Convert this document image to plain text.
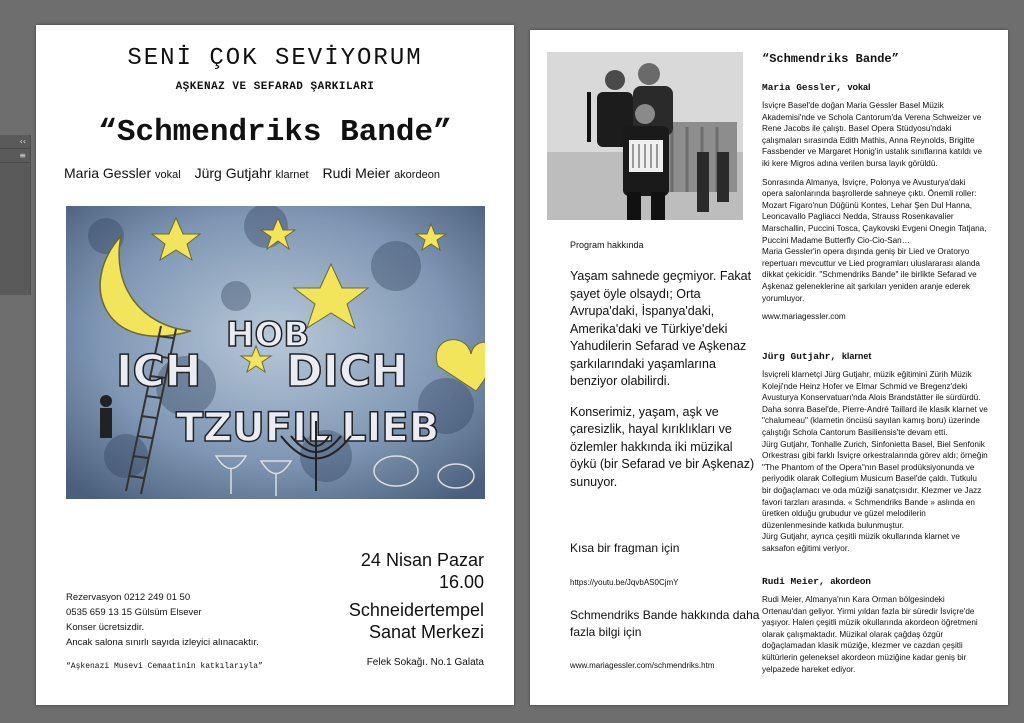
‹‹
≡
SENİ ÇOK SEVİYORUM
AŞKENAZ VE SEFARAD ŞARKILARI
“Schmendriks Bande”
Maria Gessler vokal Jürg Gutjahr klarnet Rudi Meier akordeon
ICH
HOB
DICH
TZUFIL LIEB
24 Nisan Pazar
16.00
Schneidertempel
Sanat Merkezi
Felek Sokağı. No.1 Galata
Rezervasyon 0212 249 01 50
0535 659 13 15 Gülsüm Elsever
Konser ücretsizdir.
Ancak salona sınırlı sayıda izleyici alınacaktır.
“Aşkenazi Musevi Cemaatinin katkılarıyla”
Program hakkında

Yaşam sahnede geçmiyor. Fakat şayet öyle olsaydı; Orta Avrupa'daki, İspanya'daki, Amerika'daki ve Türkiye'deki Yahudilerin Sefarad ve Aşkenaz şarkılarındaki yaşamlarına benziyor olabilirdi.

Konserimiz, yaşam, aşk ve çaresizlik, hayal kırıklıkları ve özlemler hakkında iki müzikal öykü (bir Sefarad ve bir Aşkenaz) sunuyor.

Kısa bir fragman için
https://youtu.be/JqvbAS0CjmY
Schmendriks Bande hakkında daha fazla bilgi için
www.mariagessler.com/schmendriks.htm
“Schmendriks Bande”
Maria Gessler, vokal

İsviçre Basel'de doğan Maria Gessler Basel Müzik Akademisi'nde ve Schola Cantorum'da Verena Schweizer ve Rene Jacobs ile çalıştı. Basel Opera Stüdyosu'ndaki çalışmaları sırasında Edith Mathis, Anna Reynolds, Brigitte Fassbender ve Margaret Honig'in ustalık sınıflarına katıldı ve iki kere Migros adına verilen bursa layık görüldü.

Sonrasında Almanya, İsviçre, Polonya ve Avusturya'daki opera salonlarında başrollerde sahneye çıktı. Önemli roller: Mozart Figaro'nun Düğünü Kontes, Lehar Şen Dul Hanna, Leoncavallo Pagliacci Nedda, Strauss Rosenkavalier Marschallin, Puccini Tosca, Çaykovski Evgeni Onegin Tatjana, Puccini Madame Butterfly Cio-Cio-San…

Maria Gessler'in opera dışında geniş bir Lied ve Oratoryo repertuarı mevcuttur ve Lied programları uluslararası alanda dikkat çekicidir. "Schmendriks Bande" ile birlikte Sefarad ve Aşkenaz geleneklerine ait şarkıları yeniden aranje ederek yorumluyor.

www.mariagessler.com

Jürg Gutjahr, klarnet

İsviçreli klarnetçi Jürg Gutjahr, müzik eğitimini Zürih Müzik Koleji'nde Heinz Hofer ve Elmar Schmid ve Bregenz'deki Avusturya Konservatuarı'nda Alois Brandstätter ile sürdürdü. Daha sonra Basel'de, Pierre-André Taillard ile klasik klarnet ve "chalumeau" (klarnetin öncüsü sayılan kamış boru) üzerinde çalıştığı Schola Cantorum Basiliensis'te devam etti.

Jürg Gutjahr, Tonhalle Zurich, Sinfonietta Basel, Biel Senfonik Orkestrası gibi farklı İsviçre orkestralarında görev aldı; örneğin "The Phantom of the Opera"nın Basel prodüksiyonunda ve periyodik olarak Collegium Musicum Basel'de çaldı. Tutkulu bir doğaçlamacı ve oda müziği sanatçısıdır. Klezmer ve Jazz favori tarzları arasında. « Schmendriks Bande » aslında en üretken olduğu grubudur ve güzel melodilerin düzenlenmesinde katkıda bulunmuştur.

Jürg Gutjahr, ayrıca çeşitli müzik okullarında klarnet ve saksafon eğitimi veriyor.

Rudi Meier, akordeon

Rudi Meier, Almanya'nın Kara Orman bölgesindeki Ortenau'dan geliyor. Yirmi yıldan fazla bir süredir İsviçre'de yaşıyor. Halen çeşitli müzik okullarında akordeon öğretmeni olarak çalışmaktadır. Müzikal olarak çağdaş özgür doğaçlamadan klasik müziğe, klezmer ve cazdan çeşitli kültürlerin geleneksel akordeon müziğine kadar geniş bir yelpazede hareket ediyor.
